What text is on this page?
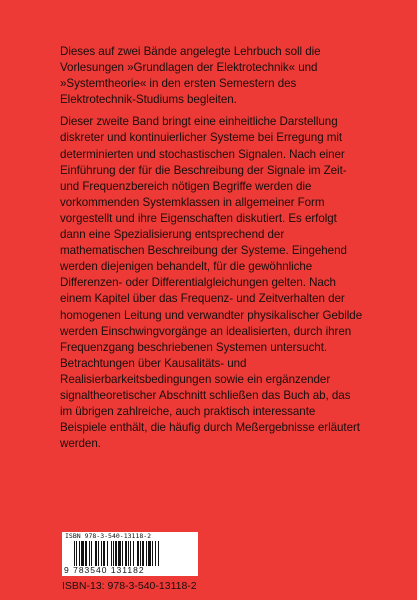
Dieses auf zwei Bände angelegte Lehrbuch soll die Vorlesungen »Grundlagen der Elektrotechnik« und »Systemtheorie« in den ersten Semestern des Elektrotechnik-Studiums begleiten.

Dieser zweite Band bringt eine einheitliche Darstellung diskreter und kontinuierlicher Systeme bei Erregung mit determinierten und stochastischen Signalen. Nach einer Einführung der für die Beschreibung der Signale im Zeit- und Frequenzbereich nötigen Begriffe werden die vorkommenden Systemklassen in allgemeiner Form vorgestellt und ihre Eigenschaften diskutiert. Es erfolgt dann eine Spezialisierung entsprechend der mathematischen Beschreibung der Systeme. Eingehend werden diejenigen behandelt, für die gewöhnliche Differenzen- oder Differentialgleichungen gelten. Nach einem Kapitel über das Frequenz- und Zeitverhalten der homogenen Leitung und verwandter physikalischer Gebilde werden Einschwingvorgänge an idealisierten, durch ihren Frequenzgang beschriebenen Systemen untersucht. Betrachtungen über Kausalitäts- und Realisierbarkeitsbedingungen sowie ein ergänzender signaltheoretischer Abschnitt schließen das Buch ab, das im übrigen zahlreiche, auch praktisch interessante Beispiele enthält, die häufig durch Meßergebnisse erläutert werden.

ISBN 978-3-540-13118-2
9 783540 131182
ISBN-13: 978-3-540-13118-2
